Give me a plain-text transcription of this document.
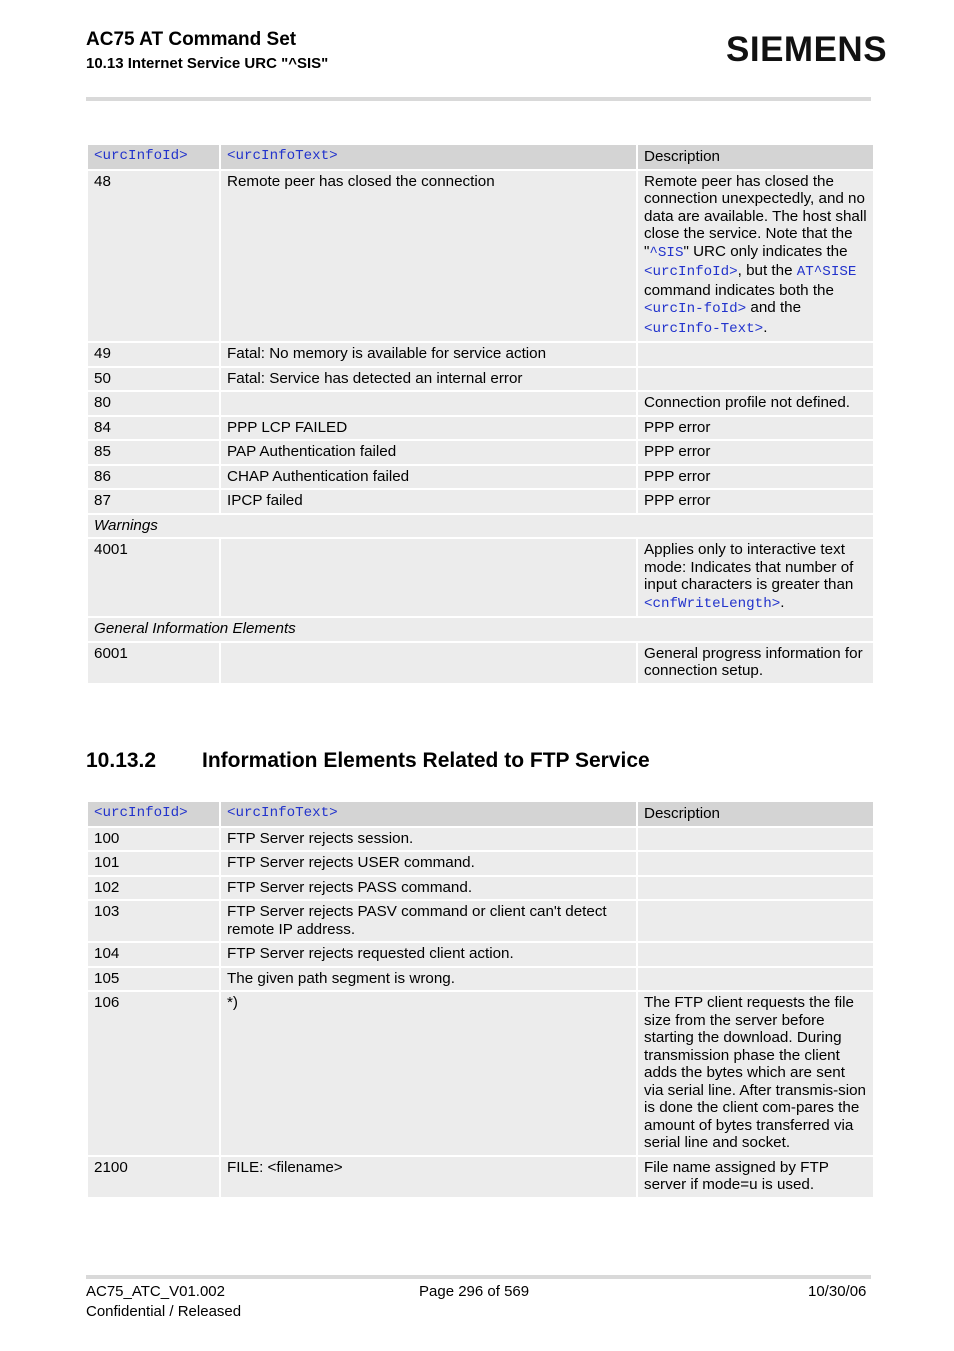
AC75 AT Command Set
10.13 Internet Service URC "^SIS"	SIEMENS
<urcInfoId>	<urcInfoText>	Description
48	Remote peer has closed the connection	Remote peer has closed the connection unexpectedly, and no data are available. The host shall close the service. Note that the "^SIS" URC only indicates the <urcInfoId>, but the AT^SISE command indicates both the <urcIn-foId> and the <urcInfo-Text>.
49	Fatal: No memory is available for service action	
50	Fatal: Service has detected an internal error	
80		Connection profile not defined.
84	PPP LCP FAILED	PPP error
85	PAP Authentication failed	PPP error
86	CHAP Authentication failed	PPP error
87	IPCP failed	PPP error
Warnings		
4001		Applies only to interactive text mode: Indicates that number of input characters is greater than <cnfWriteLength>.
General Information Elements		
6001		General progress information for connection setup.
10.13.2 Information Elements Related to FTP Service
<urcInfoId>	<urcInfoText>	Description
100	FTP Server rejects session.	
101	FTP Server rejects USER command.	
102	FTP Server rejects PASS command.	
103	FTP Server rejects PASV command or client can't detect remote IP address.	
104	FTP Server rejects requested client action.	
105	The given path segment is wrong.	
106	*)	The FTP client requests the file size from the server before starting the download. During transmission phase the client adds the bytes which are sent via serial line. After transmis-sion is done the client com-pares the amount of bytes transferred via serial line and socket.
2100	FILE: <filename>	File name assigned by FTP server if mode=u is used.
AC75_ATC_V01.002
Confidential / Released
Page 296 of 569	10/30/06
